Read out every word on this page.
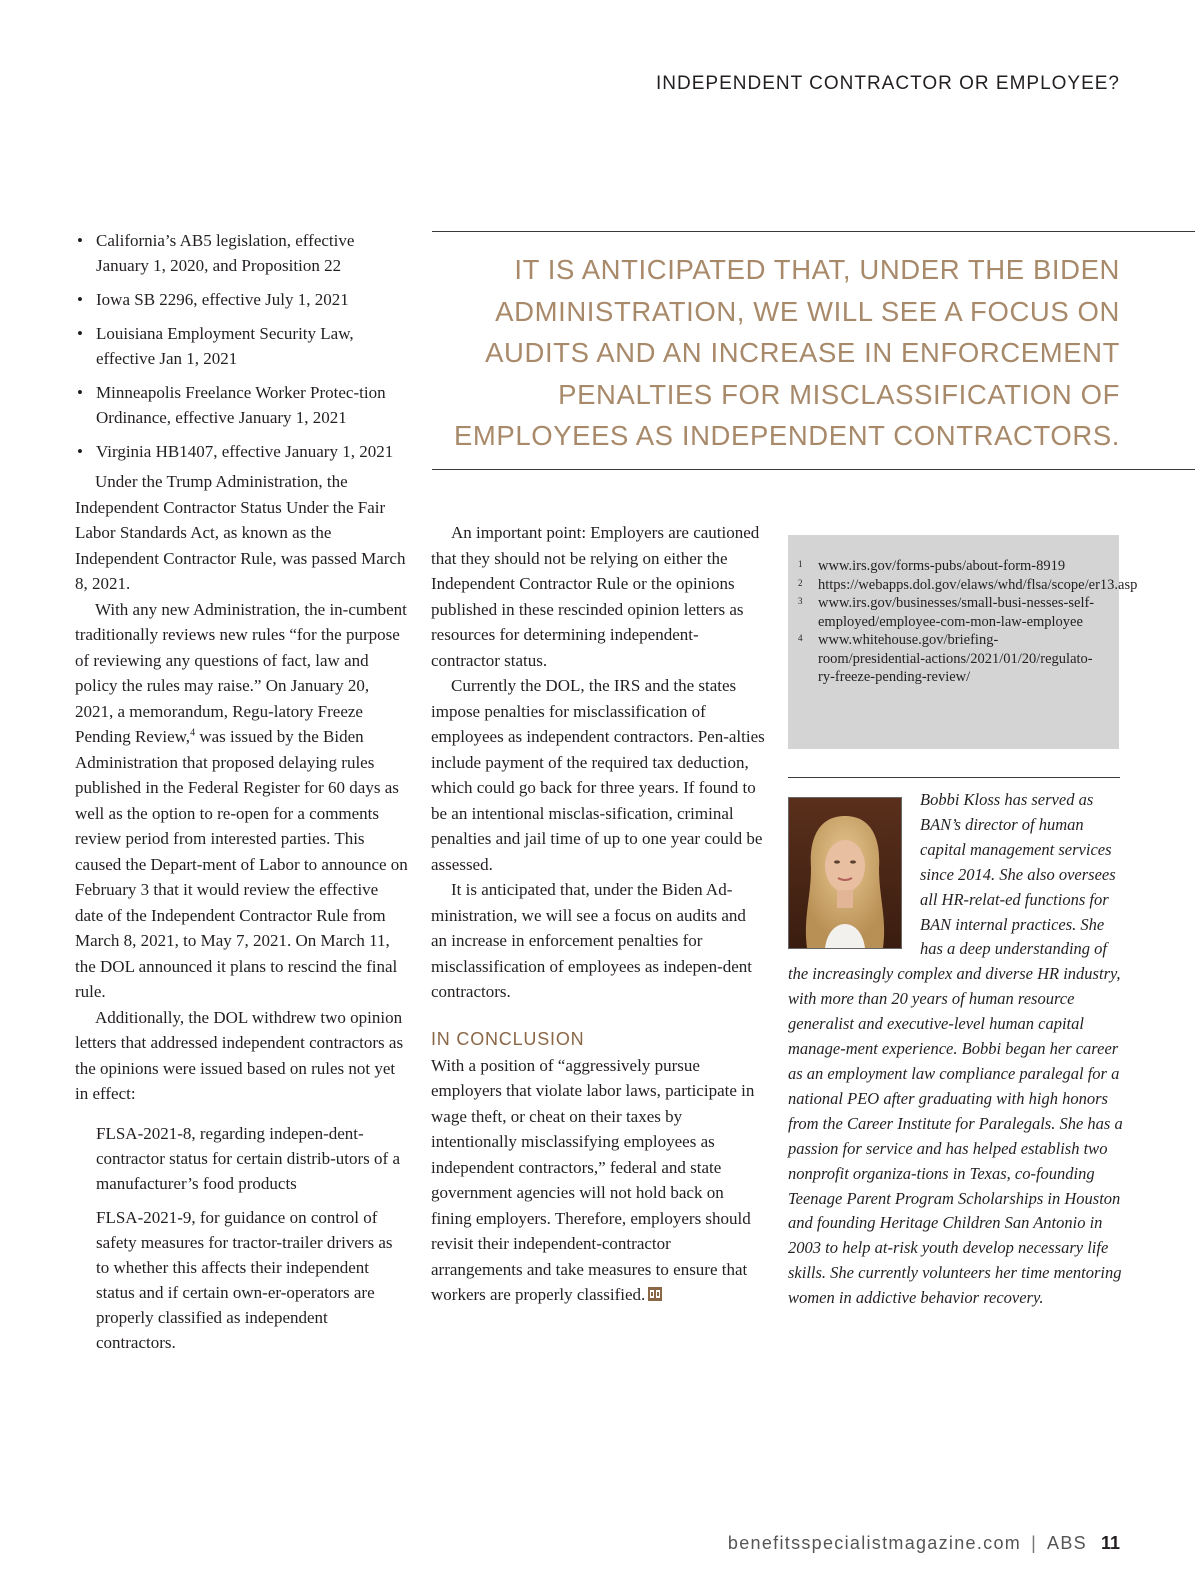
INDEPENDENT CONTRACTOR OR EMPLOYEE?
• California’s AB5 legislation, effective January 1, 2020, and Proposition 22
• Iowa SB 2296, effective July 1, 2021
• Louisiana Employment Security Law, effective Jan 1, 2021
• Minneapolis Freelance Worker Protec-tion Ordinance, effective January 1, 2021
• Virginia HB1407, effective January 1, 2021

Under the Trump Administration, the Independent Contractor Status Under the Fair Labor Standards Act, as known as the Independent Contractor Rule, was passed March 8, 2021.

With any new Administration, the in-cumbent traditionally reviews new rules “for the purpose of reviewing any questions of fact, law and policy the rules may raise.” On January 20, 2021, a memorandum, Regu-latory Freeze Pending Review,$^4$ was issued by the Biden Administration that proposed delaying rules published in the Federal Register for 60 days as well as the option to re-open for a comments review period from interested parties. This caused the Depart-ment of Labor to announce on February 3 that it would review the effective date of the Independent Contractor Rule from March 8, 2021, to May 7, 2021. On March 11, the DOL announced it plans to rescind the final rule.

Additionally, the DOL withdrew two opinion letters that addressed independent contractors as the opinions were issued based on rules not yet in effect:

FLSA-2021-8, regarding indepen-dent-contractor status for certain distrib-utors of a manufacturer’s food products
FLSA-2021-9, for guidance on control of safety measures for tractor-trailer drivers as to whether this affects their independent status and if certain own-er-operators are properly classified as independent contractors.
IT IS ANTICIPATED THAT, UNDER THE BIDEN ADMINISTRATION, WE WILL SEE A FOCUS ON AUDITS AND AN INCREASE IN ENFORCEMENT PENALTIES FOR MISCLASSIFICATION OF EMPLOYEES AS INDEPENDENT CONTRACTORS.

An important point: Employers are cautioned that they should not be relying on either the Independent Contractor Rule or the opinions published in these rescinded opinion letters as resources for determining independent-contractor status.

Currently the DOL, the IRS and the states impose penalties for misclassification of employees as independent contractors. Pen-alties include payment of the required tax deduction, which could go back for three years. If found to be an intentional misclas-sification, criminal penalties and jail time of up to one year could be assessed.

It is anticipated that, under the Biden Ad-ministration, we will see a focus on audits and an increase in enforcement penalties for misclassification of employees as indepen-dent contractors.

IN CONCLUSION

With a position of “aggressively pursue employers that violate labor laws, participate in wage theft, or cheat on their taxes by intentionally misclassifying employees as independent contractors,” federal and state government agencies will not hold back on fining employers. Therefore, employers should revisit their independent-contractor arrangements and take measures to ensure that workers are properly classified.

1 www.irs.gov/forms-pubs/about-form-8919
2 https://webapps.dol.gov/elaws/whd/flsa/scope/er13.asp
3 www.irs.gov/businesses/small-busi-nesses-self-employed/employee-com-mon-law-employee
4 www.whitehouse.gov/briefing-room/presidential-actions/2021/01/20/regulato-ry-freeze-pending-review/
Bobbi Kloss has served as BAN’s director of human capital management services since 2014. She also oversees all HR-relat-ed functions for BAN internal practices. She has a deep understanding of the increasingly complex and diverse HR industry, with more than 20 years of human resource generalist and executive-level human capital manage-ment experience. Bobbi began her career as an employment law compliance paralegal for a national PEO after graduating with high honors from the Career Institute for Paralegals. She has a passion for service and has helped establish two nonprofit organiza-tions in Texas, co-founding Teenage Parent Program Scholarships in Houston and founding Heritage Children San Antonio in 2003 to help at-risk youth develop necessary life skills. She currently volunteers her time mentoring women in addictive behavior recovery.
benefitsspecialistmagazine.com | ABS 11
